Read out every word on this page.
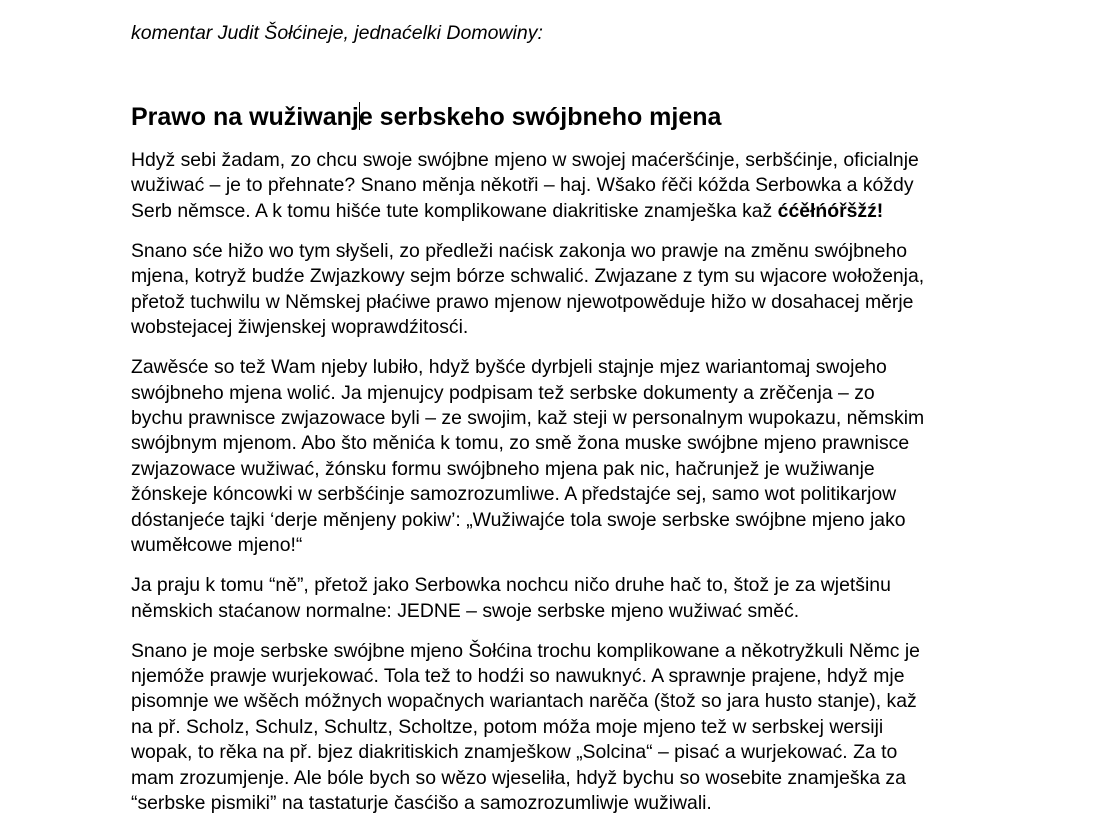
komentar Judit Šołćineje, jednaćelki Domowiny:
Prawo na wužiwanje serbskeho swójbneho mjena
Hdyž sebi žadam, zo chcu swoje swójbne mjeno w swojej maćeršćinje, serbšćinje, oficialnje
wužiwać – je to přehnate? Snano měnja někotři – haj. Wšako ŕěči kóžda Serbowka a kóždy
Serb němsce. A k tomu hišće tute komplikowane diakritiske znamješka kaž ććěłńóřšžź!
Snano sće hižo wo tym słyšeli, zo předleži naćisk zakonja wo prawje na změnu swójbneho
mjena, kotryž budźe Zwjazkowy sejm bórze schwalić. Zwjazane z tym su wjacore wołoženja,
přetož tuchwilu w Němskej płaćiwe prawo mjenow njewotpowěduje hižo w dosahacej měrje
wobstejacej žiwjenskej woprawdźitosći.
Zawěsće so tež Wam njeby lubiło, hdyž byšće dyrbjeli stajnje mjez wariantomaj swojeho
swójbneho mjena wolić. Ja mjenujcy podpisam tež serbske dokumenty a zrěčenja – zo
bychu prawnisce zwjazowace byli – ze swojim, kaž steji w personalnym wupokazu, němskim
swójbnym mjenom. Abo što měnića k tomu, zo smě žona muske swójbne mjeno prawnisce
zwjazowace wužiwać, žónsku formu swójbneho mjena pak nic, hačrunjež je wužiwanje
žónskeje kóncowki w serbšćinje samozrozumliwe. A předstajće sej, samo wot politikarjow
dóstanjeće tajki ‘derje měnjeny pokiw’: „Wužiwajće tola swoje serbske swójbne mjeno jako
wuměłcowe mjeno!“
Ja praju k tomu “ně”, přetož jako Serbowka nochcu ničo druhe hač to, štož je za wjetšinu
němskich staćanow normalne: JEDNE – swoje serbske mjeno wužiwać směć.
Snano je moje serbske swójbne mjeno Šołćina trochu komplikowane a někotryžkuli Němc je
njemóže prawje wurjekować. Tola tež to hodźi so nawuknyć. A sprawnje prajene, hdyž mje
pisomnje we wšěch móžnych wopačnych wariantach narěča (štož so jara husto stanje), kaž
na př. Scholz, Schulz, Schultz, Scholtze, potom móža moje mjeno tež w serbskej wersiji
wopak, to rěka na př. bjez diakritiskich znamješkow „Solcina“ – pisać a wurjekować. Za to
mam zrozumjenje. Ale bóle bych so wězo wjeseliła, hdyž bychu so wosebite znamješka za
“serbske pismiki” na tastaturje časćišo a samozrozumliwje wužiwali.
